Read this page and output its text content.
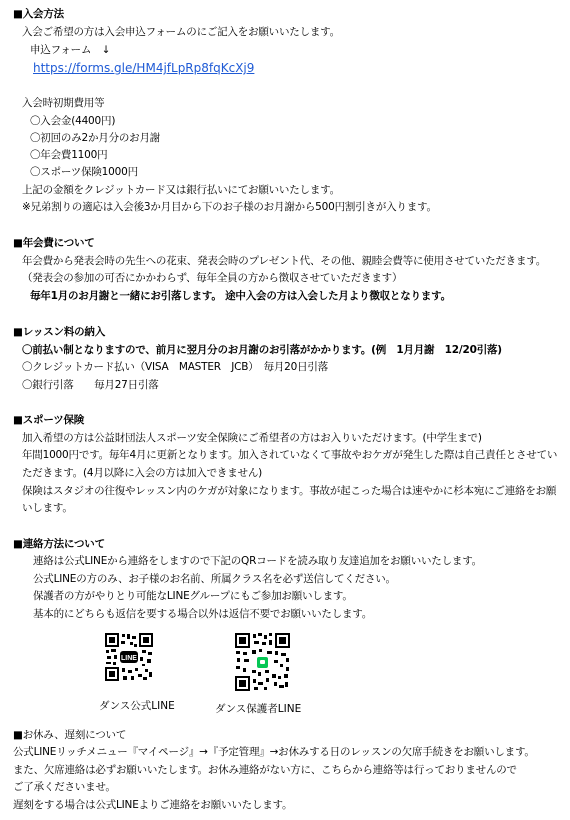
■入会方法
入会ご希望の方は入会申込フォームのにご記入をお願いいたします。
申込フォーム　↓
https://forms.gle/HM4jfLpRp8fqKcXj9
入会時初期費用等
〇入会金(4400円)
〇初回のみ2か月分のお月謝
〇年会費1100円
〇スポーツ保険1000円
上記の金額をクレジットカード又は銀行払いにてお願いいたします。
※兄弟割りの適応は入会後3か月目から下のお子様のお月謝から500円割引きが入ります。
■年会費について
年会費から発表会時の先生への花束、発表会時のプレゼント代、その他、親睦会費等に使用させていただきます。
（発表会の参加の可否にかかわらず、毎年全員の方から徴収させていただきます）
毎年1月のお月謝と一緒にお引落します。 途中入会の方は入会した月より徴収となります。
■レッスン料の納入
〇前払い制となりますので、前月に翌月分のお月謝のお引落がかかります。(例　1月月謝　12/20引落)
〇クレジットカード払い（VISA　MASTER　JCB）　毎月20日引落
〇銀行引落　　毎月27日引落
■スポーツ保険
加入希望の方は公益財団法人スポーツ安全保険にご希望者の方はお入りいただけます。(中学生まで)
年間1000円です。毎年4月に更新となります。加入されていなくて事故やおケガが発生した際は自己責任とさせてい
ただきます。(4月以降に入会の方は加入できません)
保険はスタジオの往復やレッスン内のケガが対象になります。事故が起こった場合は速やかに杉本宛にご連絡をお願
いします。
■連絡方法について
連絡は公式LINEから連絡をしますので下記のQRコードを読み取り友達追加をお願いいたします。
公式LINEの方のみ、お子様のお名前、所属クラス名を必ず送信してください。
保護者の方がやりとり可能なLINEグループにもご参加お願いします。
基本的にどちらも返信を要する場合以外は返信不要でお願いいたします。
LINE
ダンス公式LINE	ダンス保護者LINE
■お休み、遅刻について
公式LINEリッチメニュー『マイページ』→『予定管理』→お休みする日のレッスンの欠席手続きをお願いします。
また、欠席連絡は必ずお願いいたします。お休み連絡がない方に、こちらから連絡等は行っておりませんので
ご了承くださいませ。
遅刻をする場合は公式LINEよりご連絡をお願いいたします。
